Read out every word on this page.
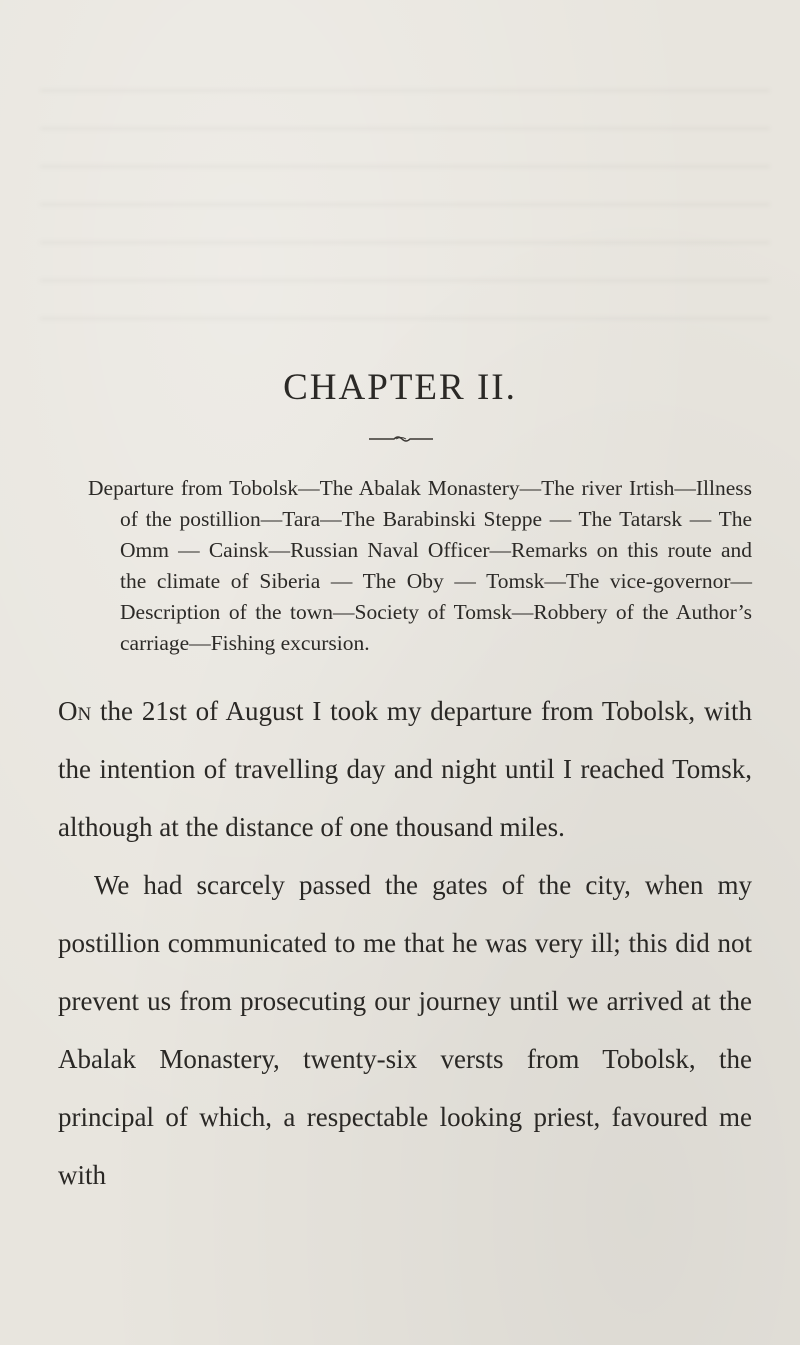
CHAPTER II.
Departure from Tobolsk—The Abalak Monastery—The river Irtish—Illness of the postillion—Tara—The Barabinski Steppe — The Tatarsk — The Omm — Cainsk—Russian Naval Officer—Remarks on this route and the climate of Siberia — The Oby — Tomsk—The vice-governor—Description of the town—Society of Tomsk—Robbery of the Author’s carriage—Fishing excursion.

On the 21st of August I took my departure from Tobolsk, with the intention of travelling day and night until I reached Tomsk, although at the distance of one thousand miles.

We had scarcely passed the gates of the city, when my postillion communicated to me that he was very ill; this did not prevent us from prosecuting our journey until we arrived at the Abalak Monastery, twenty-six versts from Tobolsk, the principal of which, a respectable looking priest, favoured me with
